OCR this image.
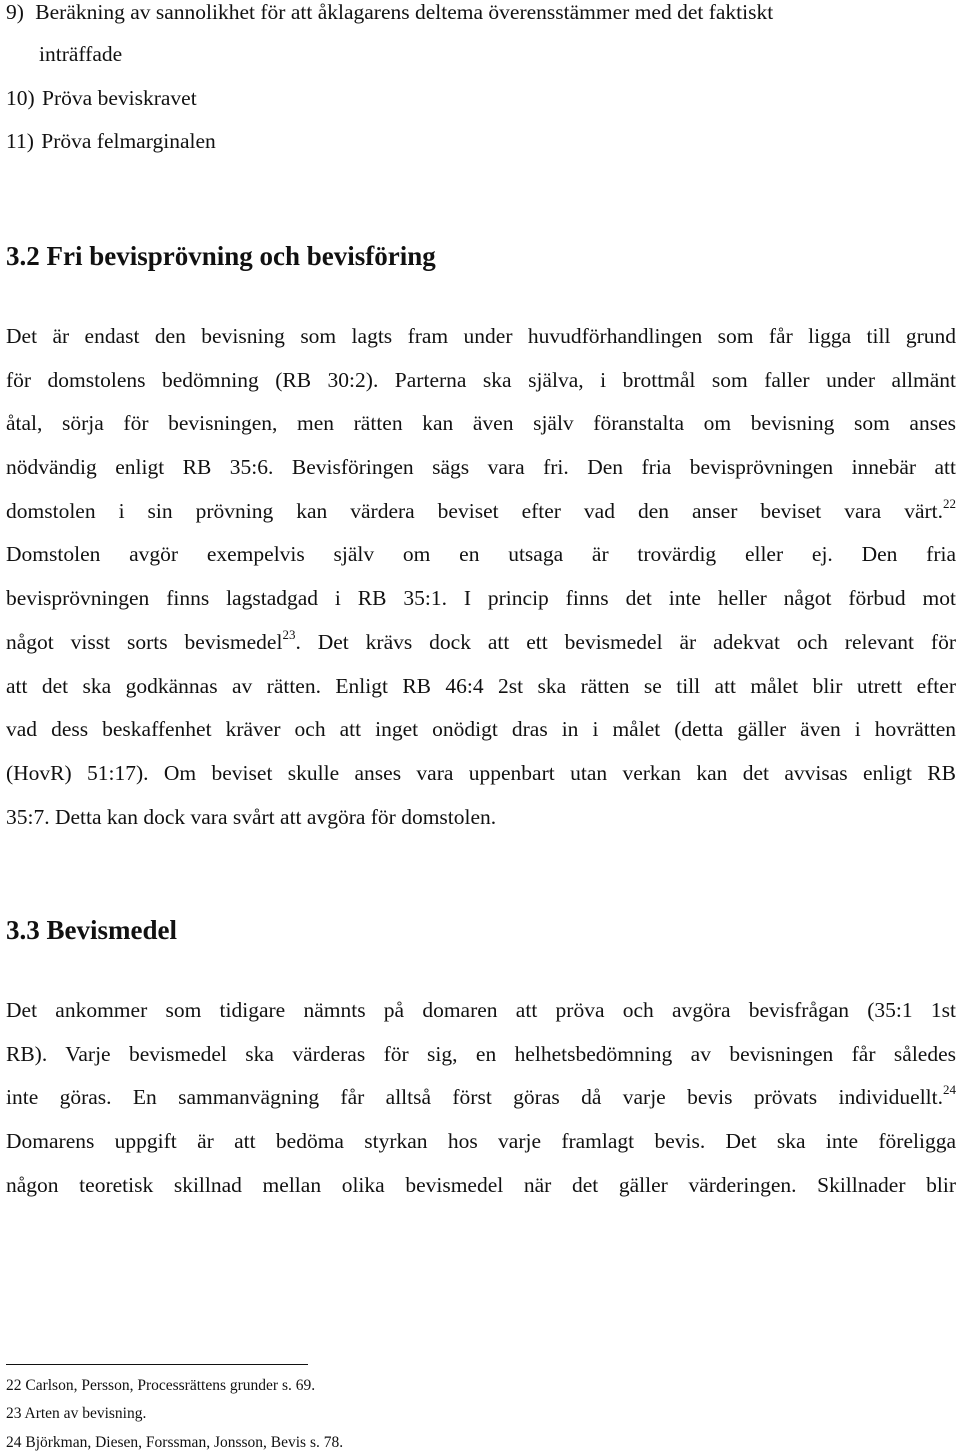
9) Beräkning av sannolikhet för att åklagarens deltema överensstämmer med det faktiskt
inträffade
10) Pröva beviskravet
11) Pröva felmarginalen
3.2 Fri bevisprövning och bevisföring
Det är endast den bevisning som lagts fram under huvudförhandlingen som får ligga till grund
för domstolens bedömning (RB 30:2). Parterna ska själva, i brottmål som faller under allmänt
åtal, sörja för bevisningen, men rätten kan även själv föranstalta om bevisning som anses
nödvändig enligt RB 35:6. Bevisföringen sägs vara fri. Den fria bevisprövningen innebär att
domstolen i sin prövning kan värdera beviset efter vad den anser beviset vara värt.$^{22}$
Domstolen avgör exempelvis själv om en utsaga är trovärdig eller ej. Den fria
bevisprövningen finns lagstadgad i RB 35:1. I princip finns det inte heller något förbud mot
något visst sorts bevismedel$^{23}$. Det krävs dock att ett bevismedel är adekvat och relevant för
att det ska godkännas av rätten. Enligt RB 46:4 2st ska rätten se till att målet blir utrett efter
vad dess beskaffenhet kräver och att inget onödigt dras in i målet (detta gäller även i hovrätten
(HovR) 51:17). Om beviset skulle anses vara uppenbart utan verkan kan det avvisas enligt RB
35:7. Detta kan dock vara svårt att avgöra för domstolen.
3.3 Bevismedel
Det ankommer som tidigare nämnts på domaren att pröva och avgöra bevisfrågan (35:1 1st
RB). Varje bevismedel ska värderas för sig, en helhetsbedömning av bevisningen får således
inte göras. En sammanvägning får alltså först göras då varje bevis prövats individuellt.$^{24}$
Domarens uppgift är att bedöma styrkan hos varje framlagt bevis. Det ska inte föreligga
någon teoretisk skillnad mellan olika bevismedel när det gäller värderingen. Skillnader blir
22 Carlson, Persson, Processrättens grunder s. 69.
23 Arten av bevisning.
24 Björkman, Diesen, Forssman, Jonsson, Bevis s. 78.
